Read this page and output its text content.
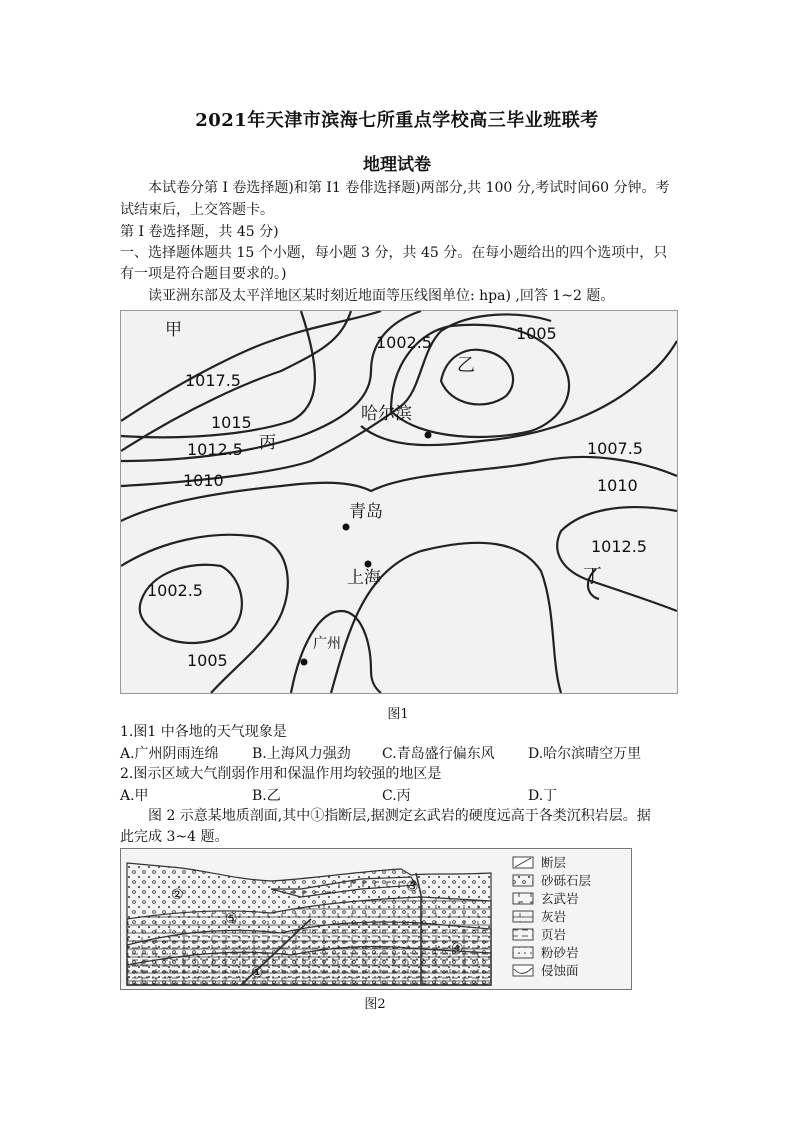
2021年天津市滨海七所重点学校高三毕业班联考
地理试卷
本试卷分第 I 卷选择题)和第 I1 卷俳选择题)两部分,共 100 分,考试时间60 分钟。考
试结束后，上交答题卡。
第 I 卷选择题，共 45 分)
一、选择题体题共 15 个小题，每小题 3 分，共 45 分。在每小题给出的四个选项中，只
有一项是符合题目要求的。)
读亚洲东部及太平洋地区某时刻近地面等压线图单位: hpa) ,回答 1~2 题。
甲
乙
丙
丁
哈尔滨
青岛
上海
广州
1002.5	1005
1017.5
1015
1012.5
1010
1007.5
1010
1012.5
1002.5
1005
图1
1.图1 中各地的天气现象是
A.广州阴雨连绵	B.上海风力强劲	C.青岛盛行偏东风	D.哈尔滨晴空万里
2.图示区域大气削弱作用和保温作用均较强的地区是
A.甲	B.乙	C.丙	D.丁
图 2 示意某地质剖面,其中①指断层,据测定玄武岩的硬度远高于各类沉积岩层。据
此完成 3~4 题。
①
②	③
④
⑤
断层
砂砾石层
玄武岩
灰岩
页岩
粉砂岩
侵蚀面
图2
